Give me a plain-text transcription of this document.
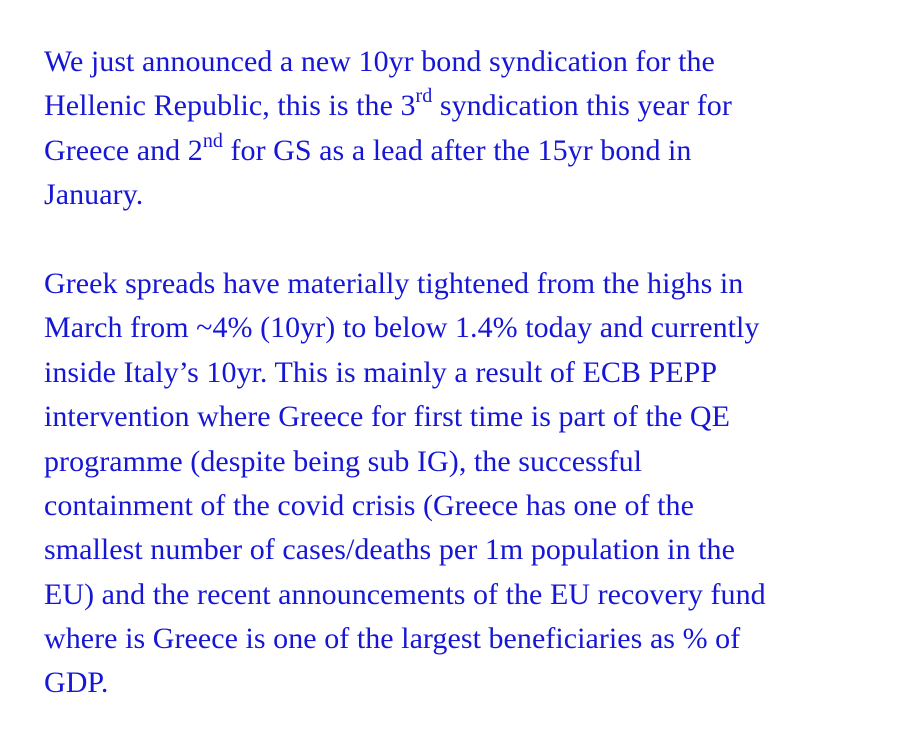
We just announced a new 10yr bond syndication for the
Hellenic Republic, this is the 3rd syndication this year for
Greece and 2nd for GS as a lead after the 15yr bond in
January.

Greek spreads have materially tightened from the highs in
March from ~4% (10yr) to below 1.4% today and currently
inside Italy’s 10yr. This is mainly a result of ECB PEPP
intervention where Greece for first time is part of the QE
programme (despite being sub IG), the successful
containment of the covid crisis (Greece has one of the
smallest number of cases/deaths per 1m population in the
EU) and the recent announcements of the EU recovery fund
where is Greece is one of the largest beneficiaries as % of
GDP.
